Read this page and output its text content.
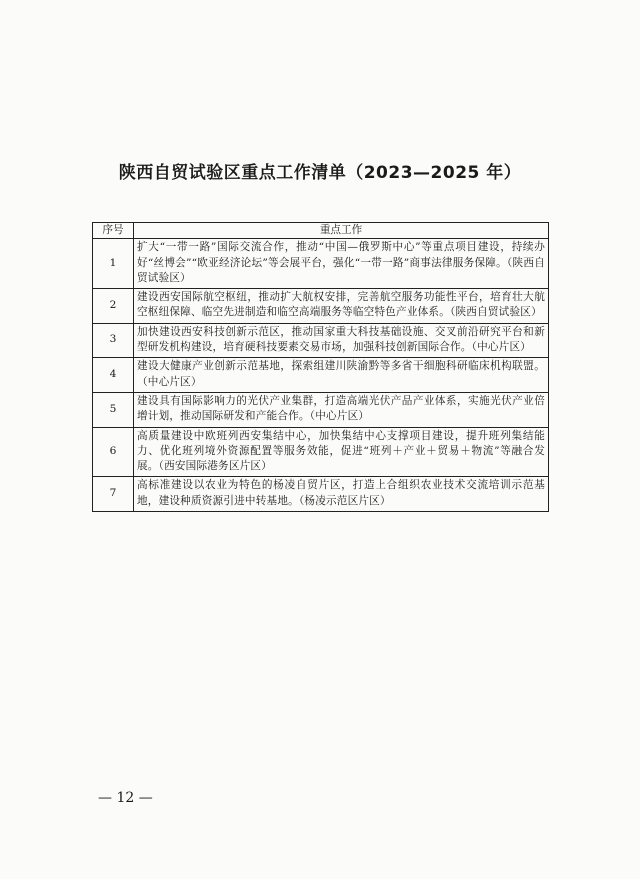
陕西自贸试验区重点工作清单（2023—2025 年）
序号	重点工作
1	扩大“一带一路”国际交流合作，推动“中国—俄罗斯中心”等重点项目建设，持续办好“丝博会”“欧亚经济论坛”等会展平台，强化“一带一路”商事法律服务保障。（陕西自贸试验区）
2	建设西安国际航空枢纽，推动扩大航权安排，完善航空服务功能性平台，培育壮大航空枢纽保障、临空先进制造和临空高端服务等临空特色产业体系。（陕西自贸试验区）
3	加快建设西安科技创新示范区，推动国家重大科技基础设施、交叉前沿研究平台和新型研发机构建设，培育硬科技要素交易市场，加强科技创新国际合作。（中心片区）
4	建设大健康产业创新示范基地，探索组建川陕渝黔等多省干细胞科研临床机构联盟。（中心片区）
5	建设具有国际影响力的光伏产业集群，打造高端光伏产品产业体系，实施光伏产业倍增计划，推动国际研发和产能合作。（中心片区）
6	高质量建设中欧班列西安集结中心，加快集结中心支撑项目建设，提升班列集结能力、优化班列境外资源配置等服务效能，促进“班列＋产业＋贸易＋物流”等融合发展。（西安国际港务区片区）
7	高标准建设以农业为特色的杨凌自贸片区，打造上合组织农业技术交流培训示范基地，建设种质资源引进中转基地。（杨凌示范区片区）
— 12 —
